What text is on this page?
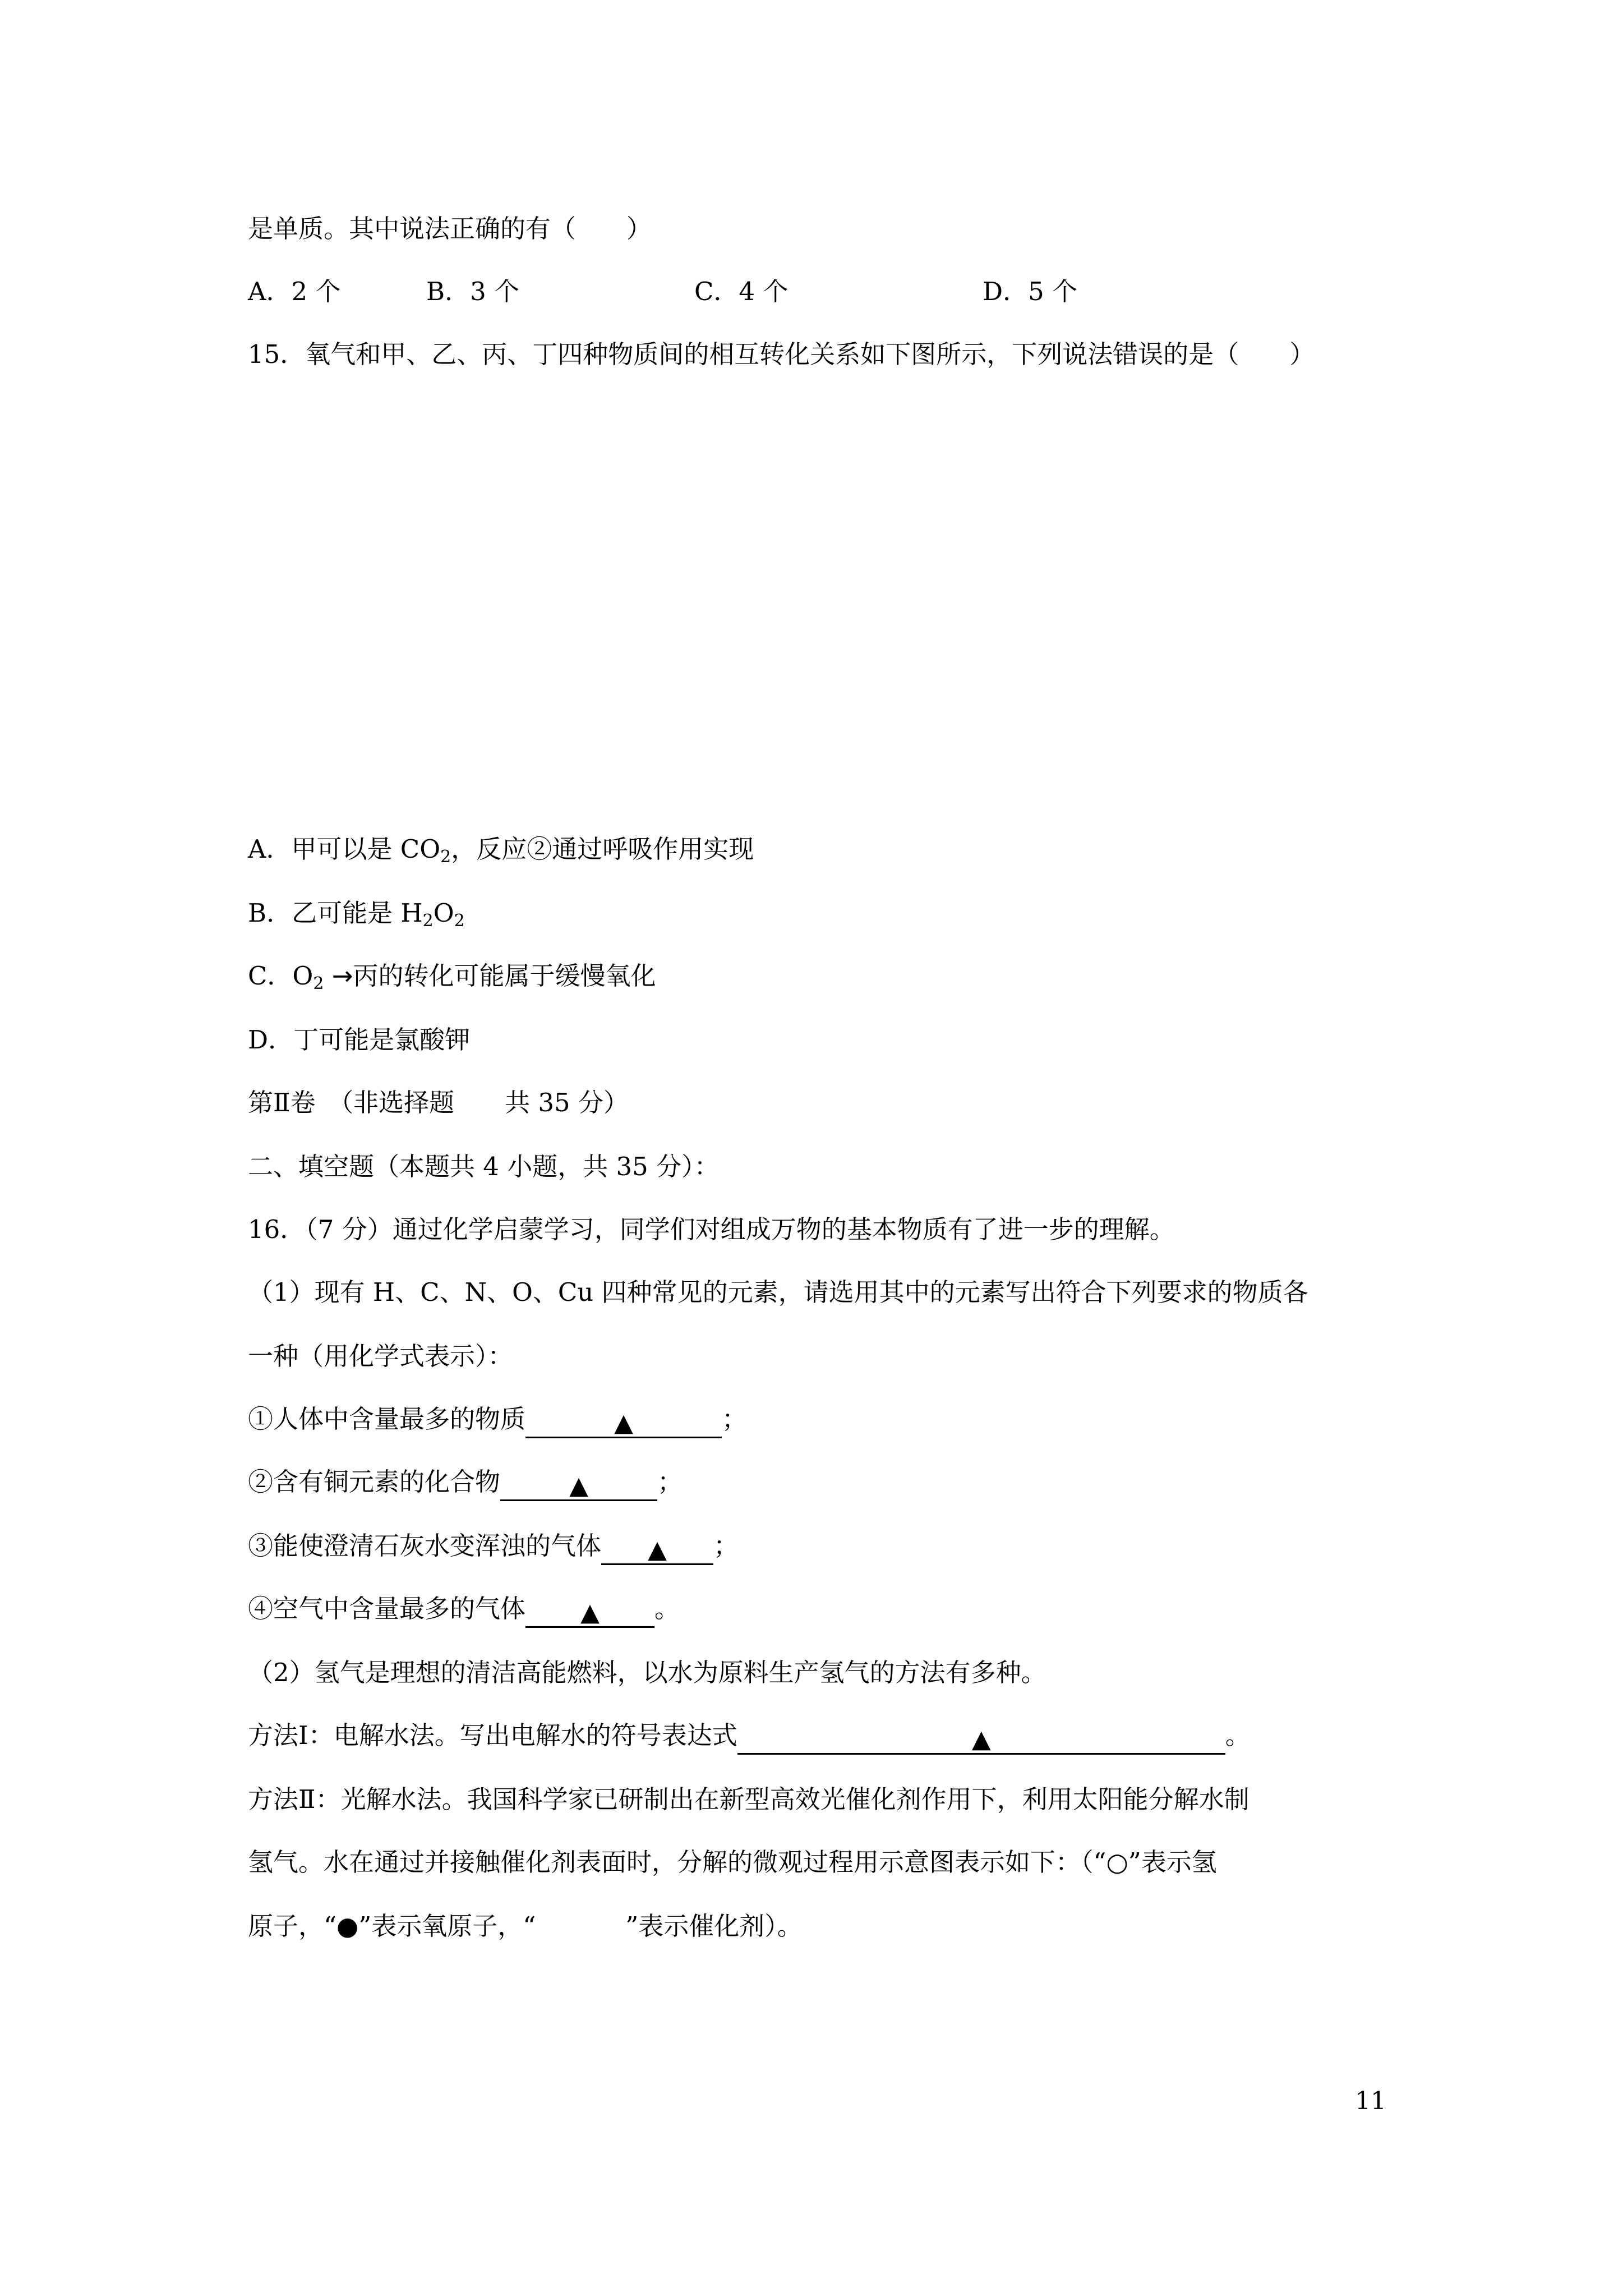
是单质。其中说法正确的有（　　）
A．2 个	B．3 个	C．4 个	D．5 个
15．氧气和甲、乙、丙、丁四种物质间的相互转化关系如下图所示，下列说法错误的是（　　）
A．甲可以是 $CO_2$，反应②通过呼吸作用实现
B．乙可能是 $H_2O_2$
C．$O_2$ →丙的转化可能属于缓慢氧化
D．丁可能是氯酸钾
第Ⅱ卷　（非选择题　　共 35 分）
二、填空题（本题共 4 小题，共 35 分）：
16．（7 分）通过化学启蒙学习，同学们对组成万物的基本物质有了进一步的理解。
（1）现有 H、C、N、O、Cu 四种常见的元素，请选用其中的元素写出符合下列要求的物质各
一种（用化学式表示）：
①人体中含量最多的物质	▲	；
②含有铜元素的化合物	▲	；
③能使澄清石灰水变浑浊的气体 ▲ ；
④空气中含量最多的气体 ▲ 。
（2）氢气是理想的清洁高能燃料，以水为原料生产氢气的方法有多种。
方法Ⅰ：电解水法。写出电解水的符号表达式	▲	。
方法Ⅱ：光解水法。我国科学家已研制出在新型高效光催化剂作用下，利用太阳能分解水制
氢气。水在通过并接触催化剂表面时，分解的微观过程用示意图表示如下：（“○”表示氢
原子，“●”表示氧原子，“	”表示催化剂）。
11
